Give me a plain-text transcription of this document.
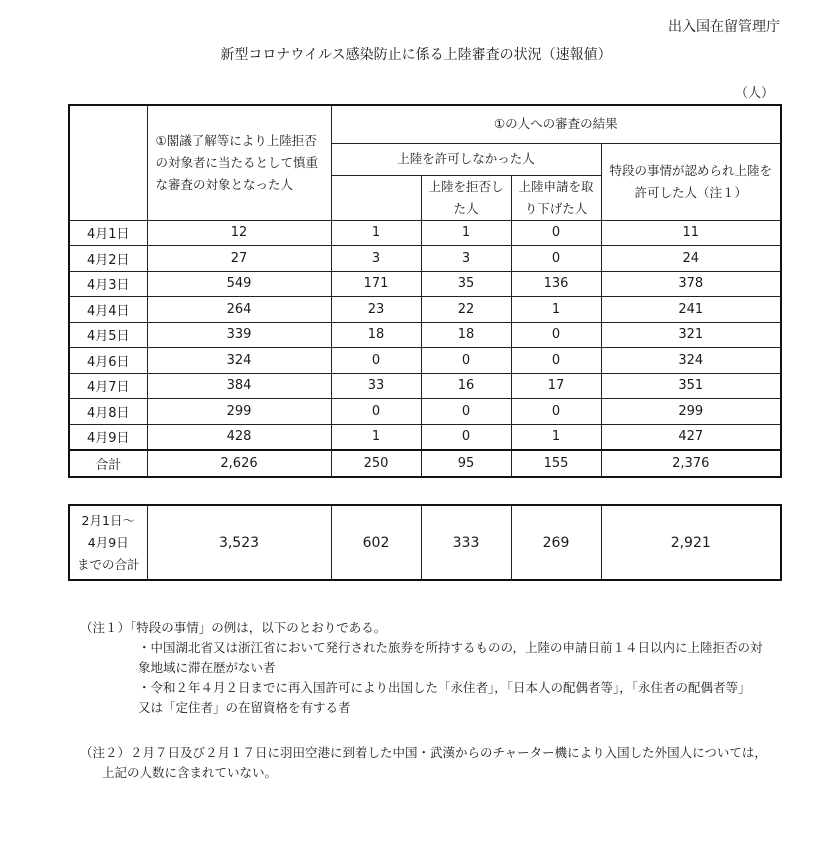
出入国在留管理庁
新型コロナウイルス感染防止に係る上陸審査の状況（速報値）
（人）
	①閣議了解等により上陸拒否の対象者に当たるとして慎重な審査の対象となった人	①の人への審査の結果			
		上陸を許可しなかった人			特段の事情が認められ上陸を許可した人（注１）
			上陸を拒否した人	上陸申請を取り下げた人	
4月1日	12	1	1	0	11
4月2日	27	3	3	0	24
4月3日	549	171	35	136	378
4月4日	264	23	22	1	241
4月5日	339	18	18	0	321
4月6日	324	0	0	0	324
4月7日	384	33	16	17	351
4月8日	299	0	0	0	299
4月9日	428	1	0	1	427
合計	2,626	250	95	155	2,376
2月1日～
4月9日
までの合計
	3,523	602	333	269	2,921
（注１）「特段の事情」の例は，以下のとおりである。
・中国湖北省又は浙江省において発行された旅券を所持するものの，上陸の申請日前１４日以内に上陸拒否の対
象地域に滞在歴がない者
・令和２年４月２日までに再入国許可により出国した「永住者」，「日本人の配偶者等」，「永住者の配偶者等」
又は「定住者」の在留資格を有する者
（注２）２月７日及び２月１７日に羽田空港に到着した中国・武漢からのチャーター機により入国した外国人については，
上記の人数に含まれていない。
